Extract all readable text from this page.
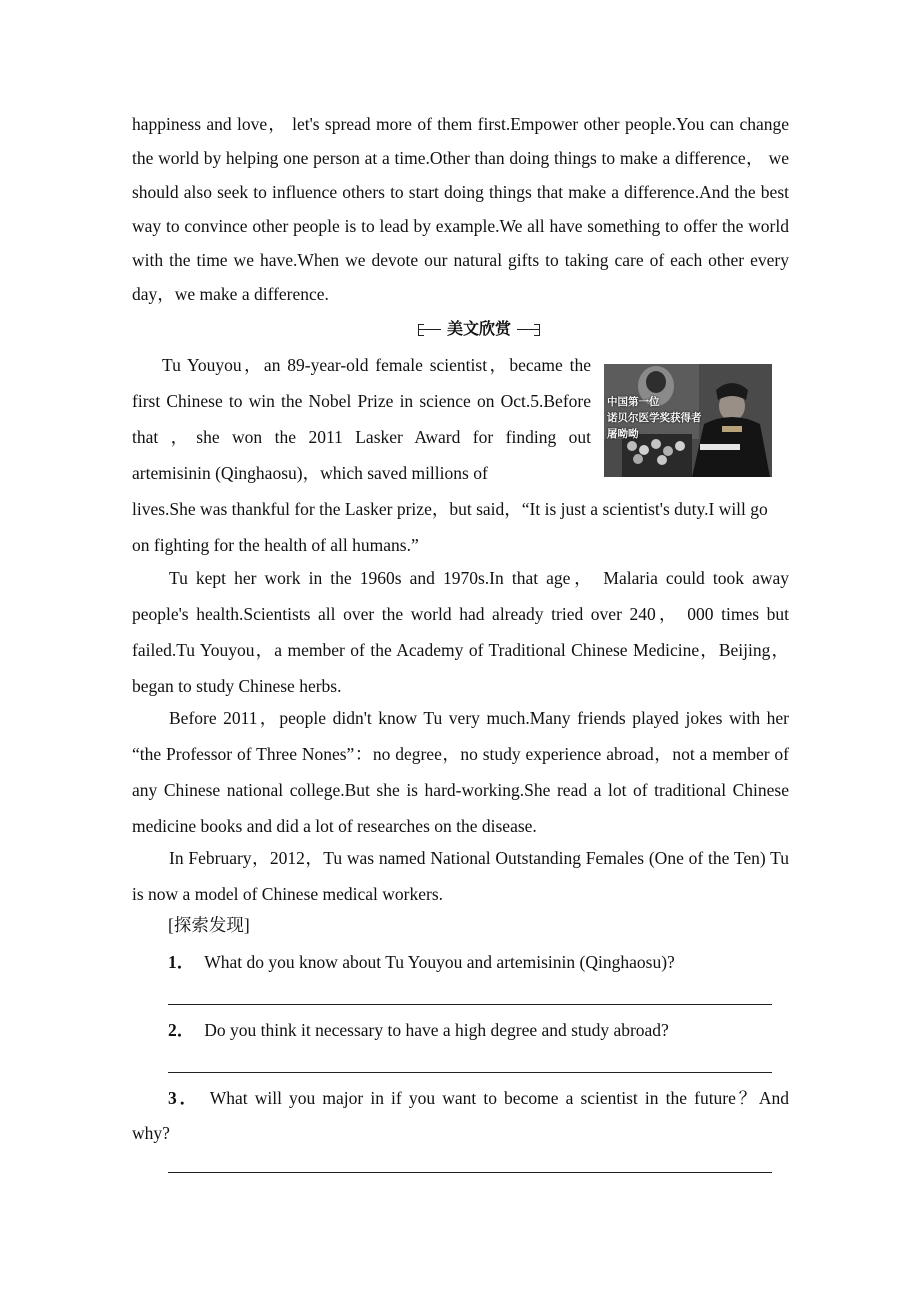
happiness and love， let's spread more of them first.Empower other people.You can change the world by helping one person at a time.Other than doing things to make a difference， we should also seek to influence others to start doing things that make a difference.And the best way to convince other people is to lead by example.We all have something to offer the world with the time we have.When we devote our natural gifts to taking care of each other every day，we make a difference.

美文欣赏

Tu Youyou，an 89-year-old female scientist，became the first Chinese to win the Nobel Prize in science on Oct.5.Before that ，she won the 2011 Lasker Award for finding out artemisinin (Qinghaosu)，which saved millions of

中国第一位
诺贝尔医学奖获得者
屠呦呦

lives.She was thankful for the Lasker prize，but said，“It is just a scientist's duty.I will go on fighting for the health of all humans.”

Tu kept her work in the 1960s and 1970s.In that age， Malaria could took away people's health.Scientists all over the world had already tried over 240， 000 times but failed.Tu Youyou，a member of the Academy of Traditional Chinese Medicine，Beijing，began to study Chinese herbs.

Before 2011，people didn't know Tu very much.Many friends played jokes with her “the Professor of Three Nones”：no degree，no study experience abroad，not a member of any Chinese national college.But she is hard-working.She read a lot of traditional Chinese medicine books and did a lot of researches on the disease.

In February，2012，Tu was named National Outstanding Females (One of the Ten) Tu is now a model of Chinese medical workers.

[探索发现]
1． What do you know about Tu Youyou and artemisinin (Qinghaosu)?
2． Do you think it necessary to have a high degree and study abroad?
3． What will you major in if you want to become a scientist in the future？And
why?
